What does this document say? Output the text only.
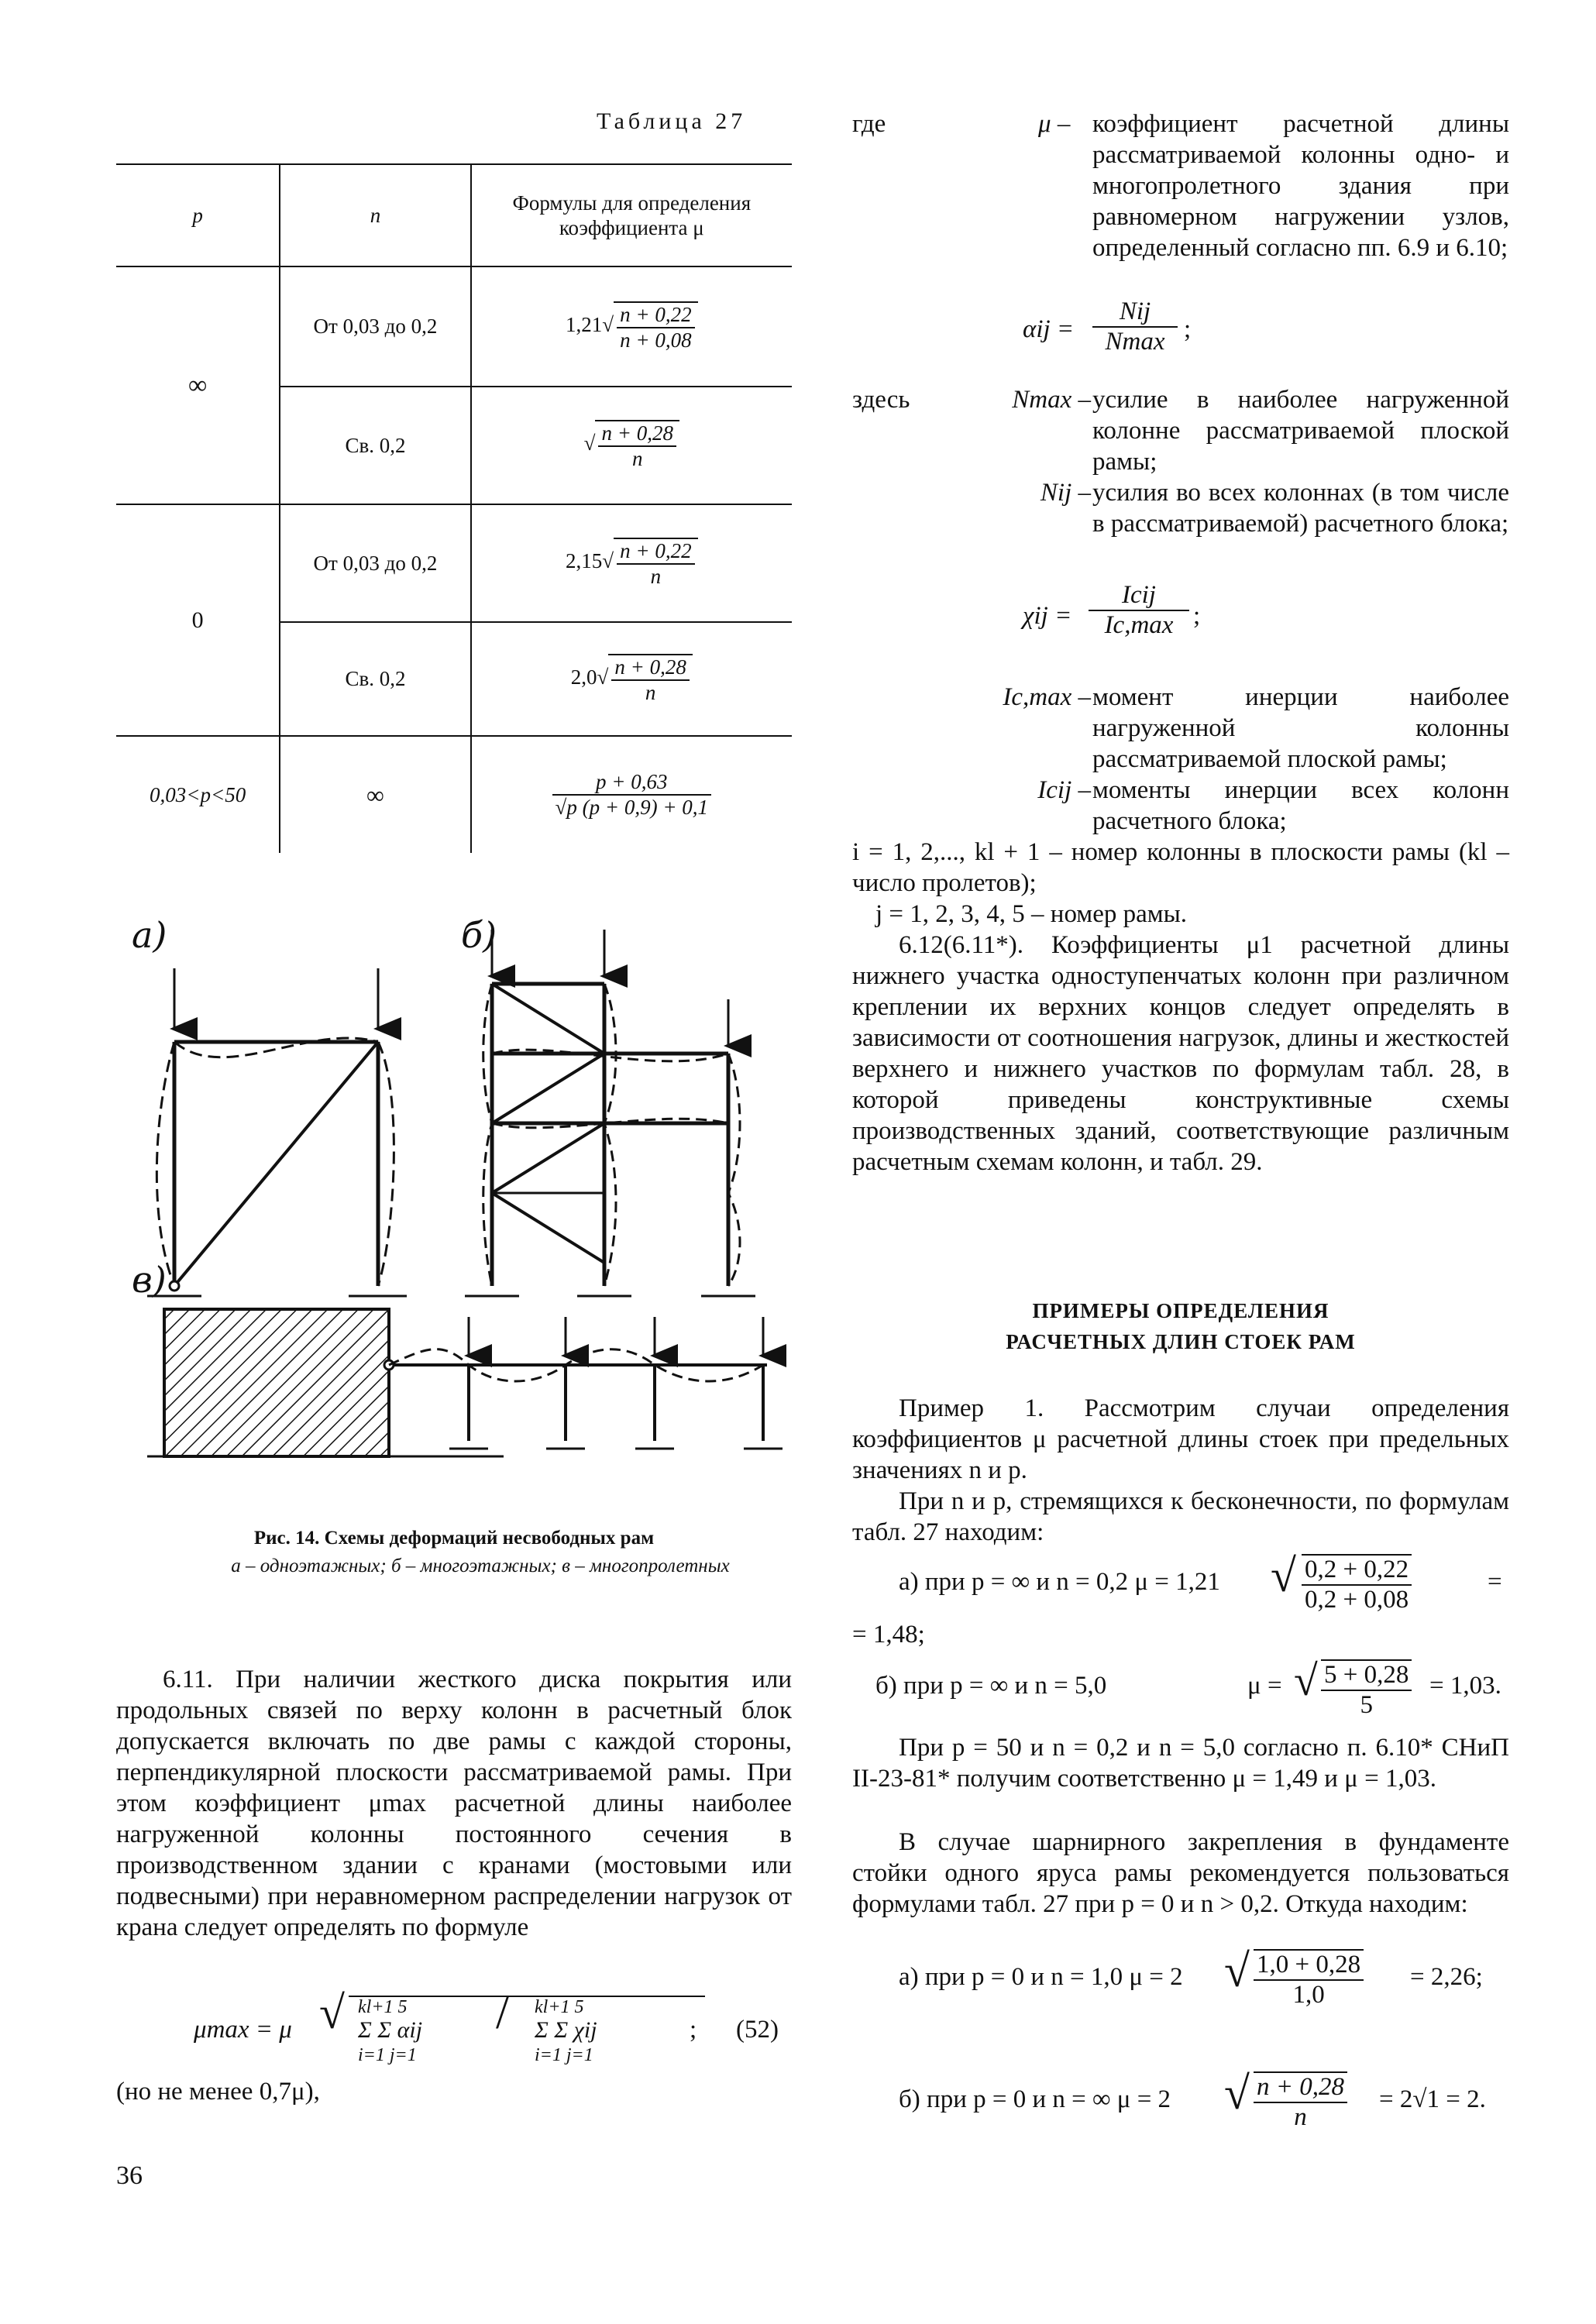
Таблица 27
p	n	Формулы для определения коэффициента μ
∞	От 0,03 до 0,2	$1,21√ \frac{n + 0,22}{n + 0,08}$

	Св. 0,2	√ $\frac{n + 0,28}{n}$

0	От 0,03 до 0,2	$2,15√ \frac{n + 0,22}{n}$

	Св. 0,2	$2,0√ \frac{n + 0,28}{n}$

0,03<p<50	∞	$\frac{p + 0,63}{√p (p + 0,9) + 0,1}$
а)	б)
в)
Рис. 14. Схемы деформаций несвободных рам
а – одноэтажных; б – многоэтажных; в – многопролетных
6.11. При наличии жесткого диска покрытия или продольных связей по верху колонн в расчетный блок допускается включать по две рамы с каждой стороны, перпендикулярной плоскости рассматриваемой рамы. При этом коэффициент μmax расчетной длины наиболее нагруженной колонны постоянного сечения в производственном здании с кранами (мостовыми или подвесными) при неравномерном распределении нагрузок от крана следует определять по формуле
μmax = μ √ kl+1 5
Σ Σ αij
i=1 j=1
/ kl+1 5
Σ Σ χij
i=1 j=1
; (52)
(но не менее 0,7μ),
36
где	μ – коэффициент расчетной длины рассматриваемой колонны одно- и многопролетного здания при равномерном нагружении узлов, определенный согласно пп. 6.9 и 6.10;
αij =
Nij
Nmax ;
здесь	Nmax – усилие в наиболее нагруженной колонне рассматриваемой плоской рамы;
Nij – усилия во всех колоннах (в том числе в рассматриваемой) расчетного блока;
χij =
Icij
Ic,max ;
Ic,max – момент инерции наиболее нагруженной колонны рассматриваемой плоской рамы;
Icij – моменты инерции всех колонн расчетного блока;
i = 1, 2,..., kl + 1 – номер колонны в плоскости рамы (kl – число пролетов);
j = 1, 2, 3, 4, 5 – номер рамы.
6.12(6.11*). Коэффициенты μ1 расчетной длины нижнего участка одноступенчатых колонн при различном креплении их верхних концов следует определять в зависимости от соотношения нагрузок, длины и жесткостей верхнего и нижнего участков по формулам табл. 28, в которой приведены конструктивные схемы производственных зданий, соответствующие различным расчетным схемам колонн, и табл. 29.
ПРИМЕРЫ ОПРЕДЕЛЕНИЯ
РАСЧЕТНЫХ ДЛИН СТОЕК РАМ
Пример 1. Рассмотрим случаи определения коэффициентов μ расчетной длины стоек при предельных значениях n и p.
При n и p, стремящихся к бесконечности, по формулам табл. 27 находим:
а) при p = ∞ и n = 0,2 μ = 1,21 √ 0,2 + 0,22
0,2 + 0,08
=
= 1,48;
б) при p = ∞ и n = 5,0	μ = √ 5 + 0,28
5
= 1,03.
При p = 50 и n = 0,2 и n = 5,0 согласно п. 6.10* СНиП II-23-81* получим соответственно μ = 1,49 и μ = 1,03.
В случае шарнирного закрепления в фундаменте стойки одного яруса рамы рекомендуется пользоваться формулами табл. 27 при p = 0 и n > 0,2. Откуда находим:
а) при p = 0 и n = 1,0 μ = 2 √ 1,0 + 0,28
1,0
= 2,26;
б) при p = 0 и n = ∞ μ = 2 √ n + 0,28
n
= 2√1 = 2.
